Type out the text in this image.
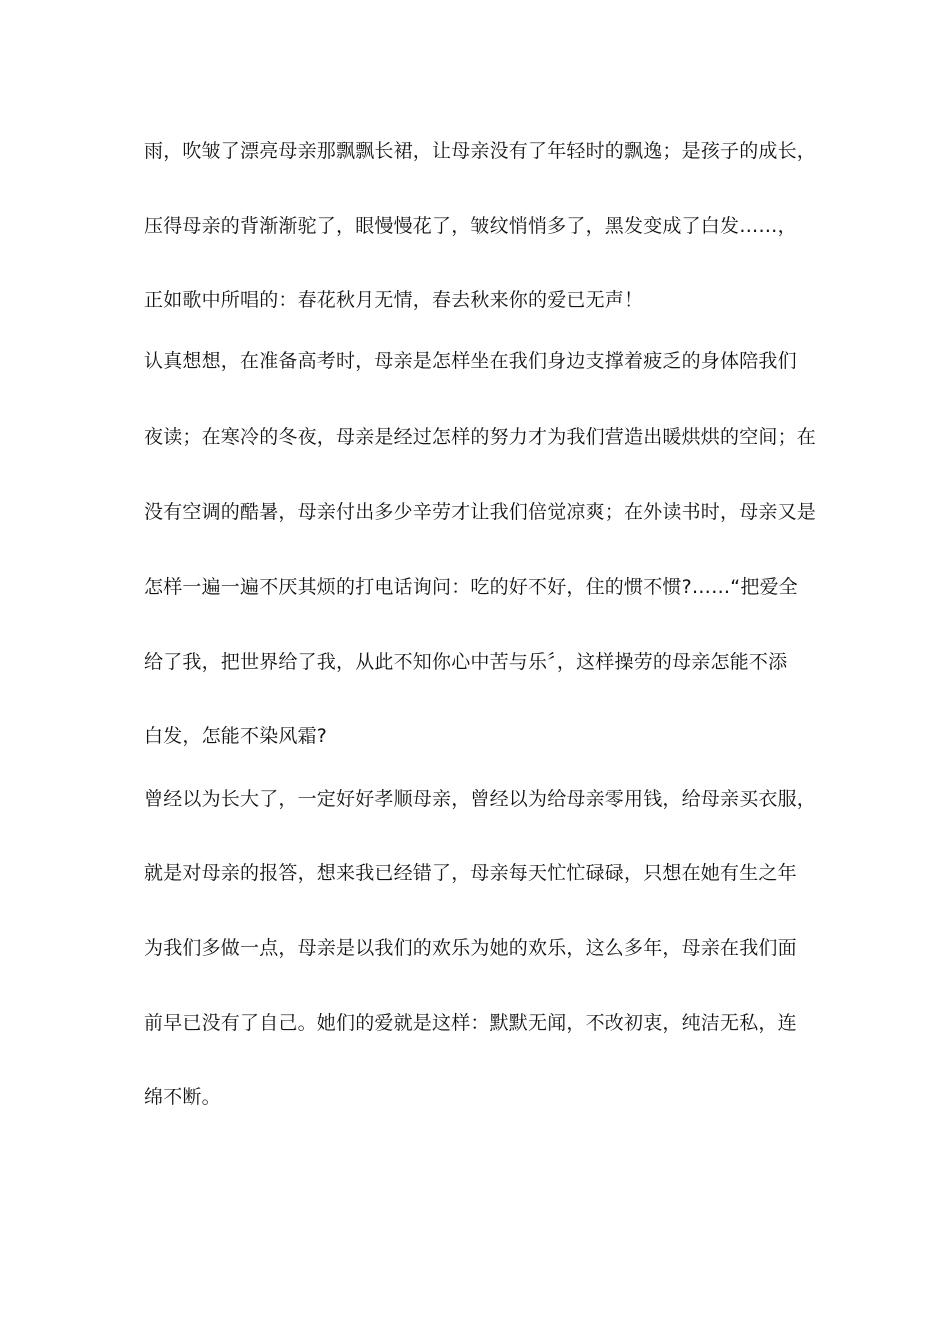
雨，吹皱了漂亮母亲那飘飘长裙，让母亲没有了年轻时的飘逸；是孩子的成长，
压得母亲的背渐渐驼了，眼慢慢花了，皱纹悄悄多了，黑发变成了白发……，
正如歌中所唱的：春花秋月无情，春去秋来你的爱已无声！
认真想想，在准备高考时，母亲是怎样坐在我们身边支撑着疲乏的身体陪我们
夜读；在寒冷的冬夜，母亲是经过怎样的努力才为我们营造出暖烘烘的空间；在
没有空调的酷暑，母亲付出多少辛劳才让我们倍觉凉爽；在外读书时，母亲又是
怎样一遍一遍不厌其烦的打电话询问：吃的好不好，住的惯不惯?……“把爱全
给了我，把世界给了我，从此不知你心中苦与乐〞，这样操劳的母亲怎能不添
白发，怎能不染风霜?
曾经以为长大了，一定好好孝顺母亲，曾经以为给母亲零用钱，给母亲买衣服，
就是对母亲的报答，想来我已经错了，母亲每天忙忙碌碌，只想在她有生之年
为我们多做一点，母亲是以我们的欢乐为她的欢乐，这么多年，母亲在我们面
前早已没有了自己。她们的爱就是这样：默默无闻，不改初衷，纯洁无私，连
绵不断。
